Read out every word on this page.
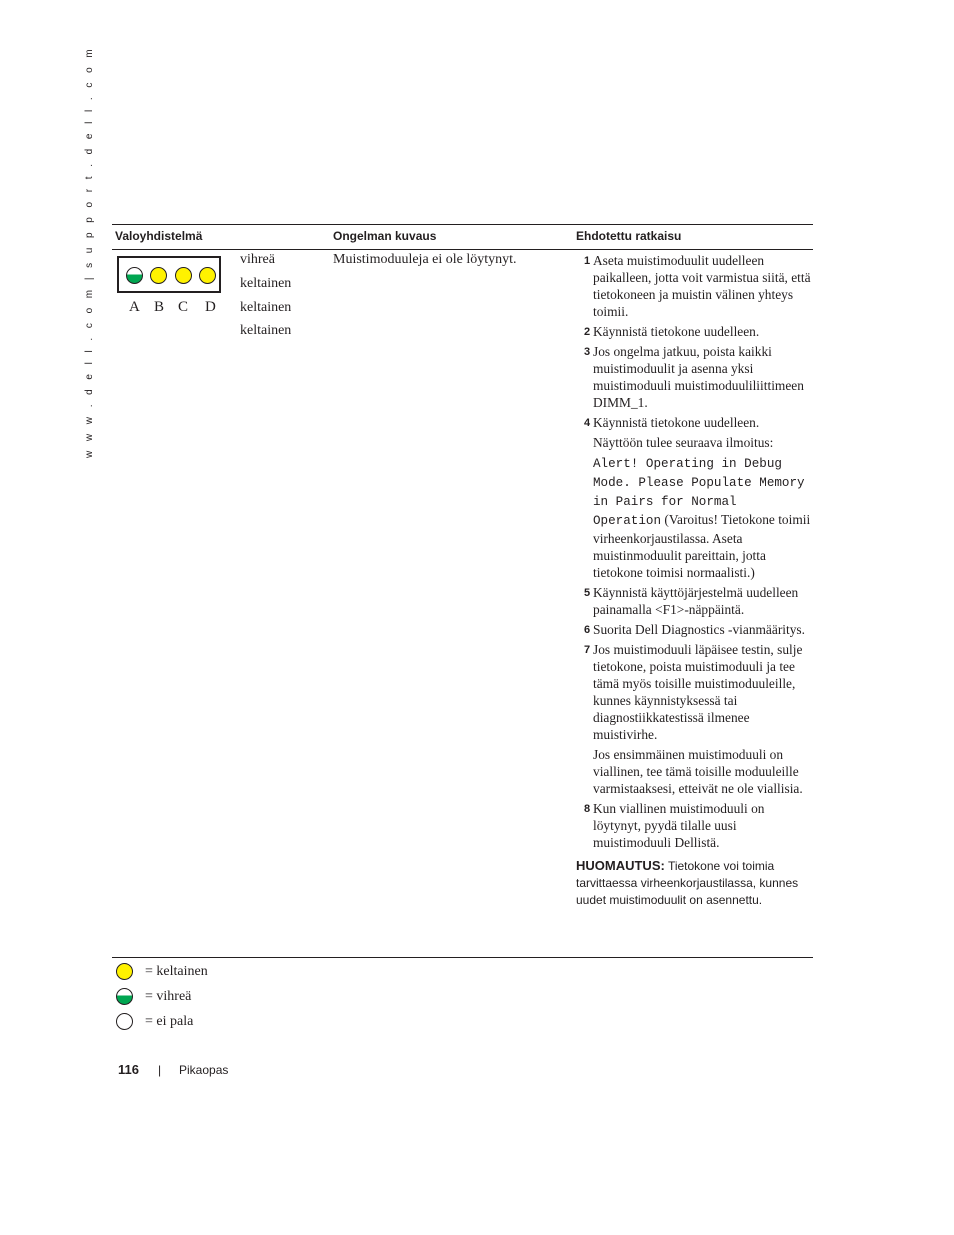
w w w . d e l l . c o m | s u p p o r t . d e l l . c o m Valoyhdistelmä	Ongelman kuvaus	Ehdotettu ratkaisu
A B C D
vihreä
keltainen
keltainen
keltainen
Muistimoduuleja ei ole löytynyt.	1 Aseta muistimoduulit uudelleen paikalleen, jotta voit varmistua siitä, että tietokoneen ja muistin välinen yhteys toimii.
2 Käynnistä tietokone uudelleen.
3 Jos ongelma jatkuu, poista kaikki muistimoduulit ja asenna yksi muistimoduuli muistimoduuliliittimeen DIMM_1.
4 Käynnistä tietokone uudelleen.
Näyttöön tulee seuraava ilmoitus:
Alert! Operating in Debug Mode. Please Populate Memory in Pairs for Normal Operation (Varoitus! Tietokone toimii virheenkorjaustilassa. Aseta muistinmoduulit pareittain, jotta tietokone toimisi normaalisti.)
5 Käynnistä käyttöjärjestelmä uudelleen painamalla <F1>-näppäintä.
6 Suorita Dell Diagnostics -vianmääritys.
7 Jos muistimoduuli läpäisee testin, sulje tietokone, poista muistimoduuli ja tee tämä myös toisille muistimoduuleille, kunnes käynnistyksessä tai diagnostiikkatestissä ilmenee muistivirhe.
Jos ensimmäinen muistimoduuli on viallinen, tee tämä toisille moduuleille varmistaaksesi, etteivät ne ole viallisia.
8 Kun viallinen muistimoduuli on löytynyt, pyydä tilalle uusi muistimoduuli Dellistä.
HUOMAUTUS: Tietokone voi toimia tarvittaessa virheenkorjaustilassa, kunnes uudet muistimoduulit on asennettu.
= keltainen
= vihreä
= ei pala
116 | Pikaopas
